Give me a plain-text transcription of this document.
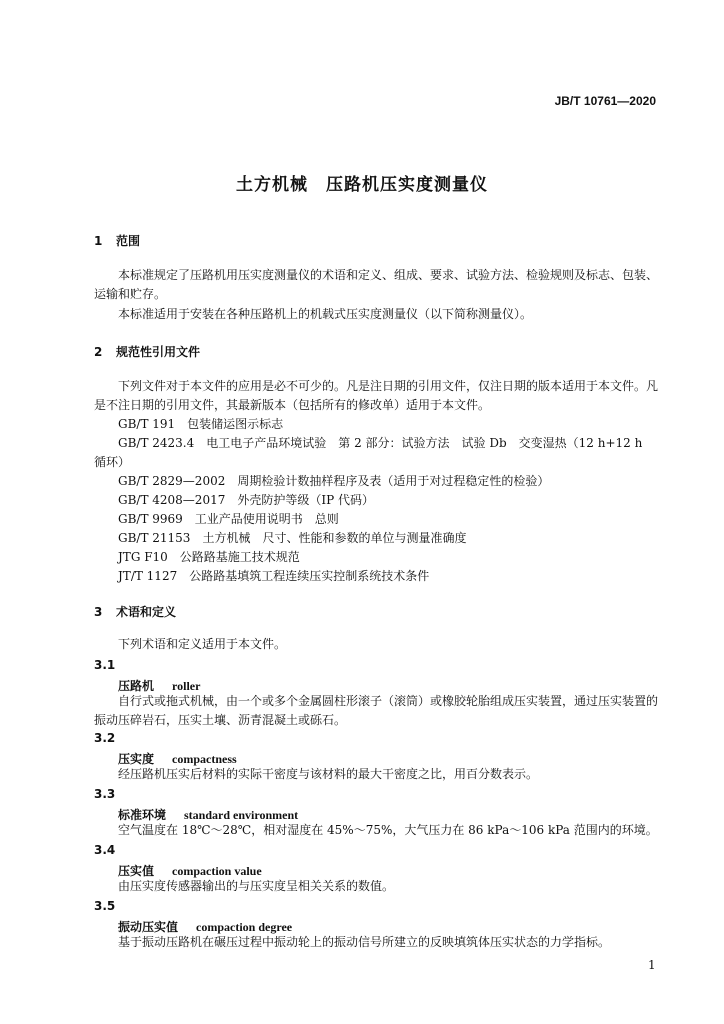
JB/T 10761—2020
土方机械　压路机压实度测量仪
1 范围

本标准规定了压路机用压实度测量仪的术语和定义、组成、要求、试验方法、检验规则及标志、包装、运输和贮存。

本标准适用于安装在各种压路机上的机载式压实度测量仪（以下简称测量仪）。

2 规范性引用文件

下列文件对于本文件的应用是必不可少的。凡是注日期的引用文件，仅注日期的版本适用于本文件。凡是不注日期的引用文件，其最新版本（包括所有的修改单）适用于本文件。

GB/T 191　包装储运图示标志

GB/T 2423.4　电工电子产品环境试验　第 2 部分：试验方法　试验 Db　交变湿热（12 h+12 h 循环）

GB/T 2829—2002　周期检验计数抽样程序及表（适用于对过程稳定性的检验）
GB/T 4208—2017　外壳防护等级（IP 代码）
GB/T 9969　工业产品使用说明书　总则
GB/T 21153　土方机械　尺寸、性能和参数的单位与测量准确度
JTG F10　公路路基施工技术规范
JT/T 1127　公路路基填筑工程连续压实控制系统技术条件
3 术语和定义

下列术语和定义适用于本文件。

3.1
压路机 roller

自行式或拖式机械，由一个或多个金属圆柱形滚子（滚筒）或橡胶轮胎组成压实装置，通过压实装置的振动压碎岩石，压实土壤、沥青混凝土或砾石。

3.2
压实度 compactness

经压路机压实后材料的实际干密度与该材料的最大干密度之比，用百分数表示。

3.3
标准环境 standard environment

空气温度在 18℃～28℃，相对湿度在 45%～75%，大气压力在 86 kPa～106 kPa 范围内的环境。

3.4
压实值 compaction value

由压实度传感器输出的与压实度呈相关关系的数值。

3.5
振动压实值 compaction degree

基于振动压路机在碾压过程中振动轮上的振动信号所建立的反映填筑体压实状态的力学指标。

1
